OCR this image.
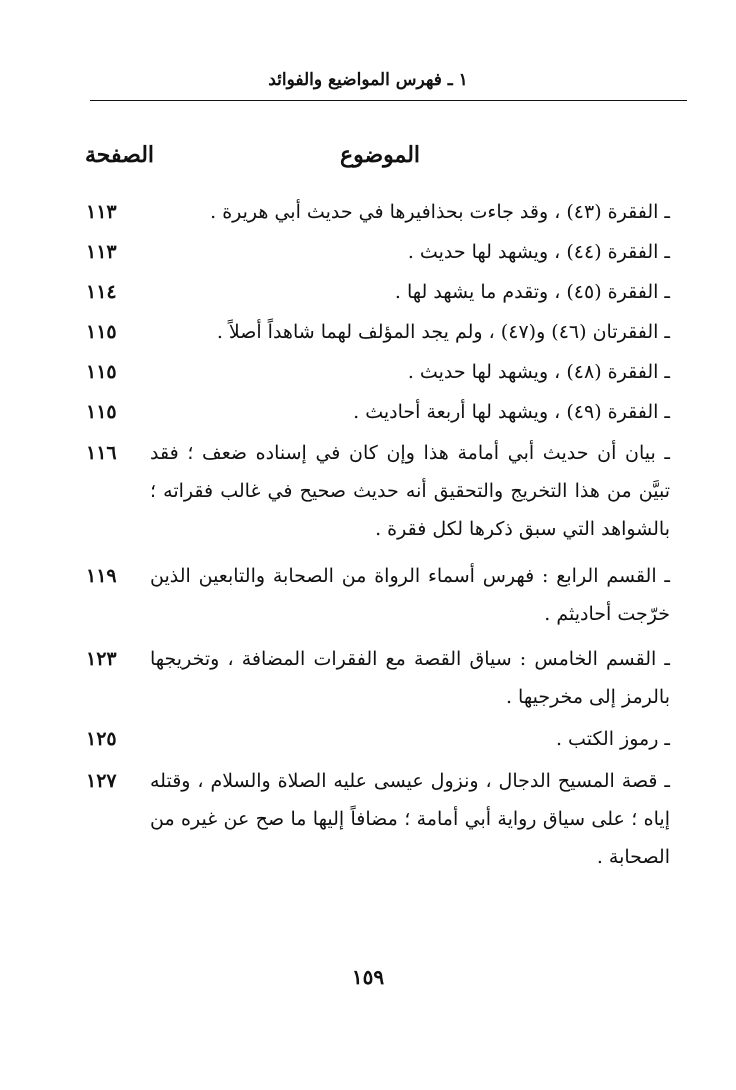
١ ـ فهرس المواضيع والفوائد
الموضوع
الصفحة
ـ الفقرة (٤٣) ، وقد جاءت بحذافيرها في حديث أبي هريرة .
١١٣
ـ الفقرة (٤٤) ، ويشهد لها حديث .
١١٣
ـ الفقرة (٤٥) ، وتقدم ما يشهد لها .
١١٤
ـ الفقرتان (٤٦) و(٤٧) ، ولم يجد المؤلف لهما شاهداً أصلاً .
١١٥
ـ الفقرة (٤٨) ، ويشهد لها حديث .
١١٥
ـ الفقرة (٤٩) ، ويشهد لها أربعة أحاديث .
١١٥
ـ بيان أن حديث أبي أمامة هذا وإن كان في إسناده ضعف ؛ فقد تبيَّن من هذا التخريج والتحقيق أنه حديث صحيح في غالب فقراته ؛ بالشواهد التي سبق ذكرها لكل فقرة .
١١٦
ـ القسم الرابع : فهرس أسماء الرواة من الصحابة والتابعين الذين خرّجت أحاديثم .
١١٩
ـ القسم الخامس : سياق القصة مع الفقرات المضافة ، وتخريجها بالرمز إلى مخرجيها .
١٢٣
ـ رموز الكتب .
١٢٥
ـ قصة المسيح الدجال ، ونزول عيسى عليه الصلاة والسلام ، وقتله إياه ؛ على سياق رواية أبي أمامة ؛ مضافاً إليها ما صح عن غيره من الصحابة .
١٢٧
١٥٩
